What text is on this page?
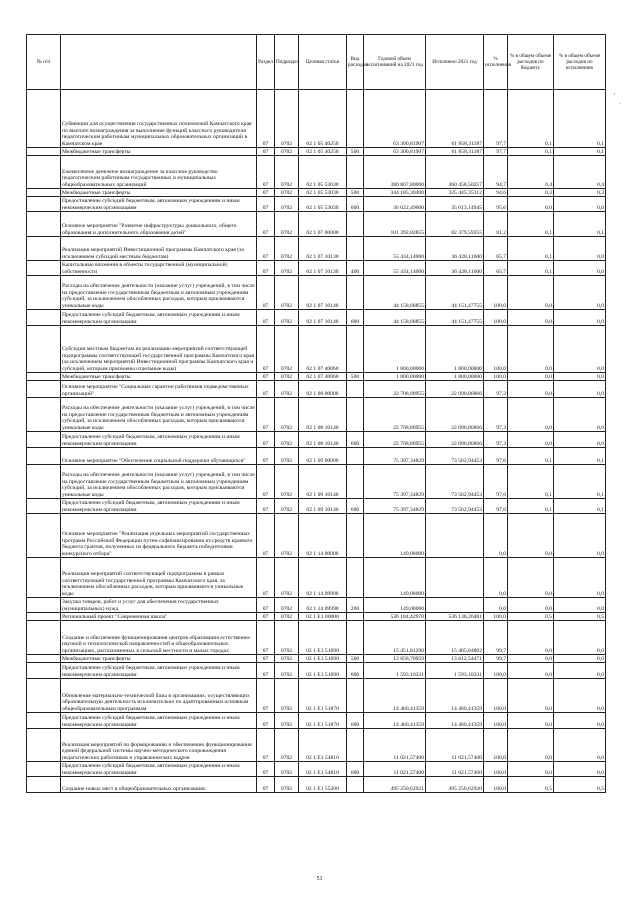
№ п/п		Раздел	Подраздел	Целевая статья	Вид расходов	Годовой объем ассигнований на 2021 год	Исполнено 2021 год	% исполнения	% в общем объеме расходов по бюджету	% в общем объеме расходов по исполнению
	Субвенции для осуществления государственных полномочий Камчатского края по выплате вознаграждения за выполнение функций классного руководителя педагогическим работникам муниципальных образовательных организаций в Камчатском крае	07	0702	02 1 05 40250		63 300,81907	61 858,31187	97,7	0,1	0,1
	Межбюджетные трансферты	07	0702	02 1 05 40250	500	63 300,81907	61 858,31187	97,7	0,1	0,1
	Ежемесячное денежное вознаграждение за классное руководство педагогическим работникам государственных и муниципальных общеобразовательных организаций	07	0702	02 1 05 53030		380 807,80000	360 458,50257	94,7	0,4	0,4
	Межбюджетные трансферты	07	0702	02 1 05 53030	500	344 185,30400	325 445,35312	94,6	0,3	0,3
	Предоставление субсидий бюджетным, автономным учреждениям и иным некоммерческим организациям	07	0702	02 1 05 53030	600	36 622,49600	35 013,14945	95,6	0,0	0,0
	Основное мероприятие "Развитие инфраструктуры дошкольного, общего образования и дополнительного образования детей"	07	0702	02 1 07 00000		101 392,82855	82 379,59355	81,2	0,1	0,1
	Реализация мероприятий Инвестиционной программы Камчатского края (за исключением субсидий местным бюджетам)	07	0702	02 1 07 10130		55 434,14000	36 428,11600	65,7	0,1	0,0
	Капитальные вложения в объекты государственной (муниципальной) собственности	07	0702	02 1 07 10130	400	55 434,14000	36 428,11600	65,7	0,1	0,0
	Расходы на обеспечение деятельности (оказание услуг) учреждений, в том числе на предоставление государственным бюджетным и автономным учреждениям субсидий, за исключением обособленных расходов, которым присваиваются уникальные коды	07	0702	02 1 07 10140		44 158,68855	44 151,47755	100,0	0,0	0,0
	Предоставление субсидий бюджетным, автономным учреждениям и иным некоммерческим организациям	07	0702	02 1 07 10140	600	44 158,68855	44 151,47755	100,0	0,0	0,0
	Субсидии местным бюджетам на реализацию мероприятий соответствующей подпрограммы соответствующей государственной программы Камчатского края (за исключением мероприятий Инвестиционной программы Камчатского края и субсидий, которым присвоены отдельные коды)	07	0702	02 1 07 40060		1 800,00000	1 800,00000	100,0	0,0	0,0
	Межбюджетные трансферты	07	0702	02 1 07 40060	500	1 800,00000	1 800,00000	100,0	0,0	0,0
	Основное мероприятие "Социальные гарантии работников подведомственных организаций"	07	0702	02 1 08 00000		22 708,88955	22 090,86866	97,3	0,0	0,0
	Расходы на обеспечение деятельности (оказание услуг) учреждений, в том числе на предоставление государственным бюджетным и автономным учреждениям субсидий, за исключением обособленных расходов, которым присваиваются уникальные коды	07	0702	02 1 08 10140		22 708,88955	22 090,86866	97,3	0,0	0,0
	Предоставление субсидий бюджетным, автономным учреждениям и иным некоммерческим организациям	07	0702	02 1 08 10140	600	22 708,88955	22 090,86866	97,3	0,0	0,0
	Основное мероприятие "Обеспечение социальной поддержки обучающихся"	07	0702	02 1 09 00000		75 397,34829	73 562,94453	97,6	0,1	0,1
	Расходы на обеспечение деятельности (оказание услуг) учреждений, в том числе на предоставление государственным бюджетным и автономным учреждениям субсидий, за исключением обособленных расходов, которым присваиваются уникальные коды	07	0702	02 1 09 10140		75 397,34829	73 562,94453	97,6	0,1	0,1
	Предоставление субсидий бюджетным, автономным учреждениям и иным некоммерческим организациям	07	0702	02 1 09 10140	600	75 397,34829	73 562,94453	97,6	0,1	0,1
	Основное мероприятие "Реализация отдельных мероприятий государственных программ Российской Федерации путем софинансирования из средств краевого бюджета грантов, полученных из федерального бюджета победителями конкурсного отбора"	07	0702	02 1 14 00000		149,00000		0,0	0,0	0,0
	Реализация мероприятий соответствующей подпрограммы в рамках соответствующей государственной программы Камчатского края, за исключением обособленных расходов, которым присваиваются уникальные коды	07	0702	02 1 14 09990		149,00000		0,0	0,0	0,0
	Закупка товаров, работ и услуг для обеспечения государственных (муниципальных) нужд	07	0702	02 1 14 09990	200	149,00000		0,0	0,0	0,0
	Региональный проект "Современная школа"	07	0702	02 1 E1 00000		536 184,42970	536 138,26481	100,0	0,5	0,5
	Создание и обеспечение функционирования центров образования естественно-научной и технологической направленностей в общеобразовательных организациях, расположенных в сельской местности и малых городах	07	0702	02 1 E1 51690		15 451,81290	15 405,84802	99,7	0,0	0,0
	Межбюджетные трансферты	07	0702	02 1 E1 51690	500	13 858,70959	13 812,54471	99,7	0,0	0,0
	Предоставление субсидий бюджетным, автономным учреждениям и иным некоммерческим организациям	07	0702	02 1 E1 51690	600	1 593,10331	1 593,10331	100,0	0,0	0,0
	Обновление материально-технической базы в организациях, осуществляющих образовательную деятельность исключительно по адаптированным основным общеобразовательным программам	07	0702	02 1 E1 51870		14 460,41359	14 460,41359	100,0	0,0	0,0
	Предоставление субсидий бюджетным, автономным учреждениям и иным некоммерческим организациям	07	0702	02 1 E1 51870	600	14 460,41359	14 460,41359	100,0	0,0	0,0
	Реализация мероприятий по формированию и обеспечению функционирования единой федеральной системы научно-методического сопровождения педагогических работников и управленческих кадров	07	0702	02 1 E1 54810		11 021,57400	11 021,57400	100,0	0,0	0,0
	Предоставление субсидий бюджетным, автономным учреждениям и иным некоммерческим организациям	07	0702	02 1 E1 54810	600	11 021,57400	11 021,57400	100,0	0,0	0,0
	Создание новых мест в общеобразовательных организациях	07	0702	02 1 E1 55200		495 250,62921	495 250,62920	100,0	0,5	0,5
'
·
51
